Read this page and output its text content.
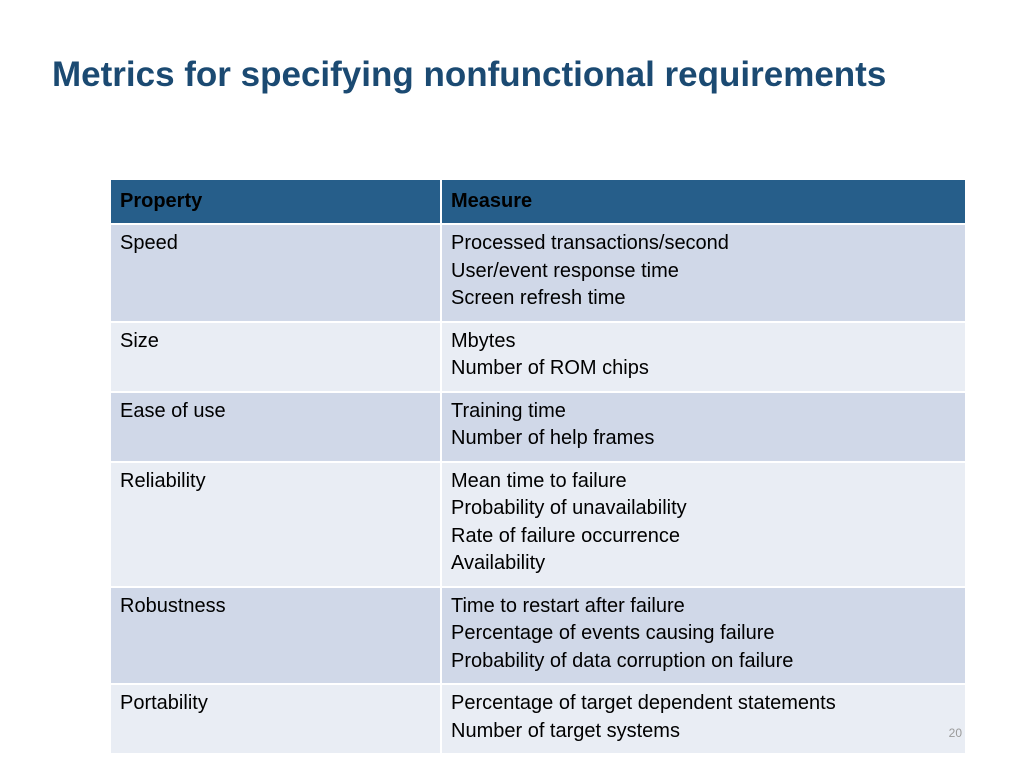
Metrics for specifying nonfunctional requirements
Property	Measure
Speed	Processed transactions/second
User/event response time
Screen refresh time

Size	Mbytes
Number of ROM chips

Ease of use	Training time
Number of help frames

Reliability	Mean time to failure
Probability of unavailability
Rate of failure occurrence
Availability

Robustness	Time to restart after failure
Percentage of events causing failure
Probability of data corruption on failure

Portability	Percentage of target dependent statements
Number of target systems	20
